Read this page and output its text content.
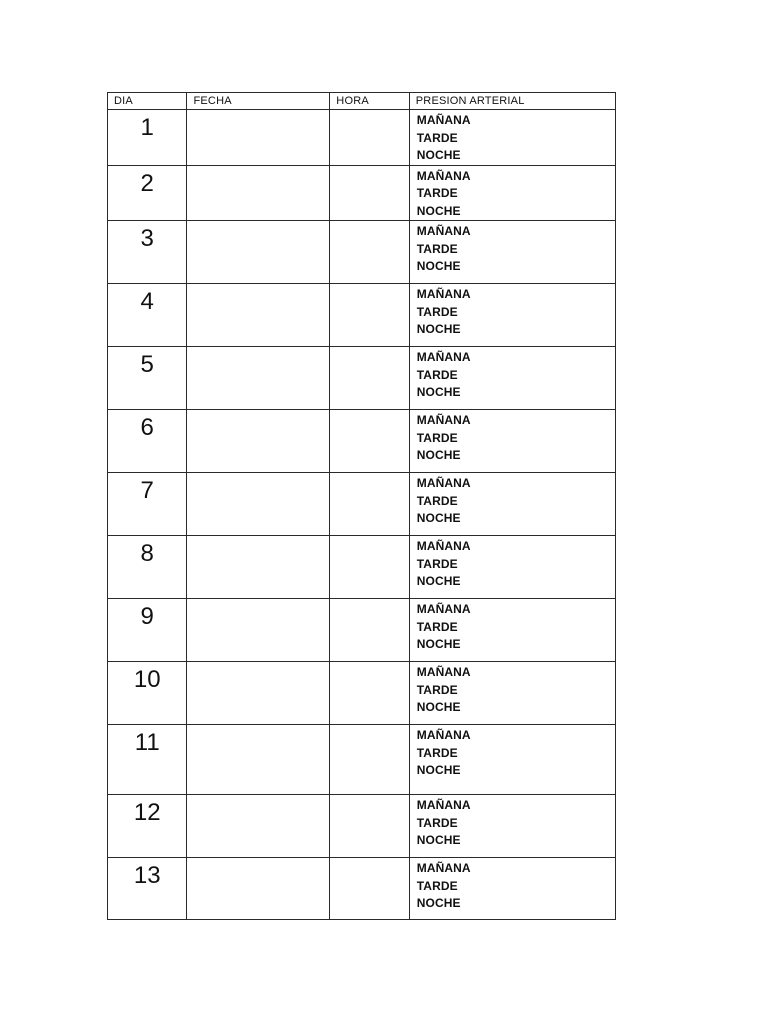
DIA	FECHA	HORA	PRESION ARTERIAL
1			MAÑANA
TARDE
NOCHE

2			MAÑANA
TARDE
NOCHE

3			MAÑANA
TARDE
NOCHE

4			MAÑANA
TARDE
NOCHE

5			MAÑANA
TARDE
NOCHE

6			MAÑANA
TARDE
NOCHE

7			MAÑANA
TARDE
NOCHE

8			MAÑANA
TARDE
NOCHE

9			MAÑANA
TARDE
NOCHE

10			MAÑANA
TARDE
NOCHE

11			MAÑANA
TARDE
NOCHE

12			MAÑANA
TARDE
NOCHE

13			MAÑANA
TARDE
NOCHE
